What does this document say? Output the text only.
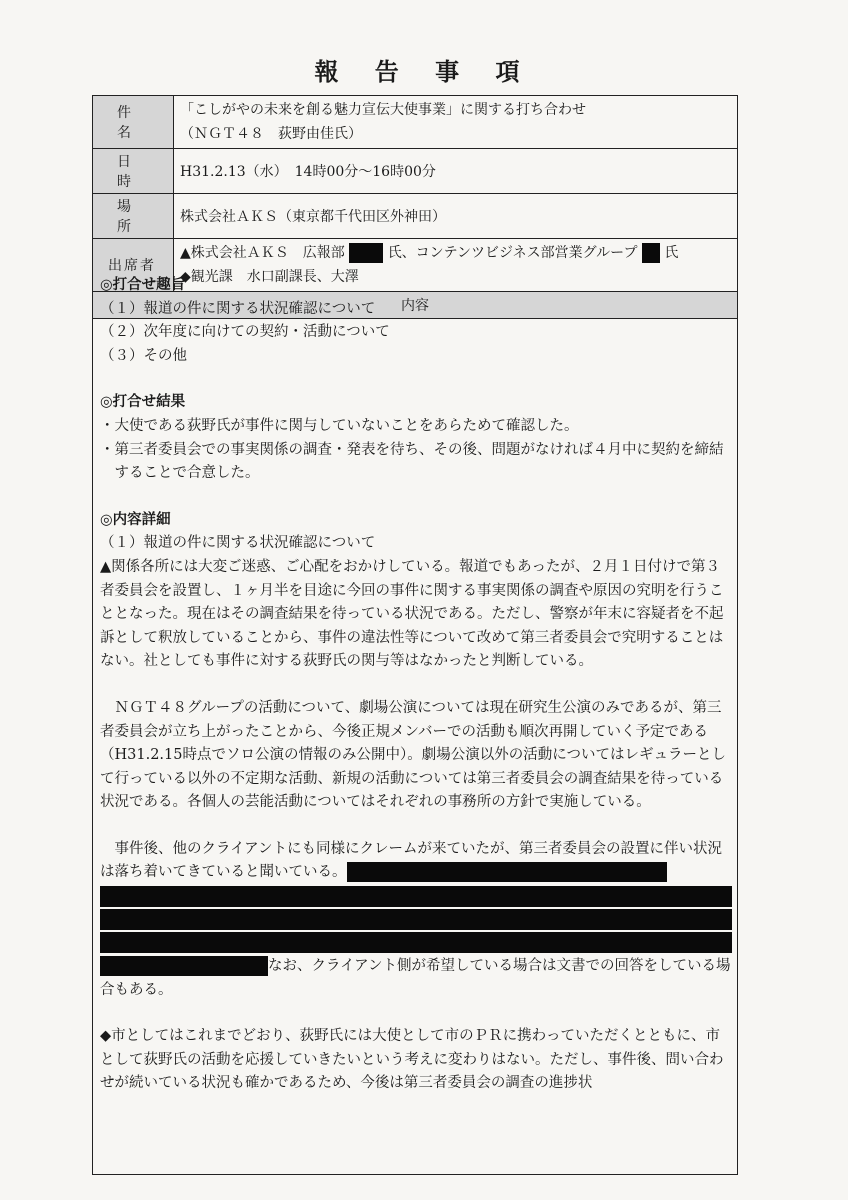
報 告 事 項
件　名	「こしがやの未来を創る魅力宣伝大使事業」に関する打ち合わせ
（ＮＧＴ４８　荻野由佳氏）

日　時	H31.2.13（水）　14時00分～16時00分
場　所	株式会社ＡＫＳ（東京都千代田区外神田）
出席者	▲株式会社ＡＫＳ　広報部 氏、コンテンツビジネス部営業グループ 氏
◆観光課　水口副課長、大澤

内容	
◎打合せ趣旨
（１）報道の件に関する状況確認について
（２）次年度に向けての契約・活動について
（３）その他
◎打合せ結果
・大使である荻野氏が事件に関与していないことをあらためて確認した。
・第三者委員会での事実関係の調査・発表を待ち、その後、問題がなければ４月中に契約を締結することで合意した。
◎内容詳細
（１）報道の件に関する状況確認について
▲関係各所には大変ご迷惑、ご心配をおかけしている。報道でもあったが、２月１日付けで第３者委員会を設置し、１ヶ月半を目途に今回の事件に関する事実関係の調査や原因の究明を行うこととなった。現在はその調査結果を待っている状況である。ただし、警察が年末に容疑者を不起訴として釈放していることから、事件の違法性等について改めて第三者委員会で究明することはない。社としても事件に対する荻野氏の関与等はなかったと判断している。
ＮＧＴ４８グループの活動について、劇場公演については現在研究生公演のみであるが、第三者委員会が立ち上がったことから、今後正規メンバーでの活動も順次再開していく予定である（H31.2.15時点でソロ公演の情報のみ公開中）。劇場公演以外の活動についてはレギュラーとして行っている以外の不定期な活動、新規の活動については第三者委員会の調査結果を待っている状況である。各個人の芸能活動についてはそれぞれの事務所の方針で実施している。
事件後、他のクライアントにも同様にクレームが来ていたが、第三者委員会の設置に伴い状況は落ち着いてきていると聞いている。
なお、クライアント側が希望している場合は文書での回答をしている場合もある。
◆市としてはこれまでどおり、荻野氏には大使として市のＰＲに携わっていただくとともに、市として荻野氏の活動を応援していきたいという考えに変わりはない。ただし、事件後、問い合わせが続いている状況も確かであるため、今後は第三者委員会の調査の進捗状
